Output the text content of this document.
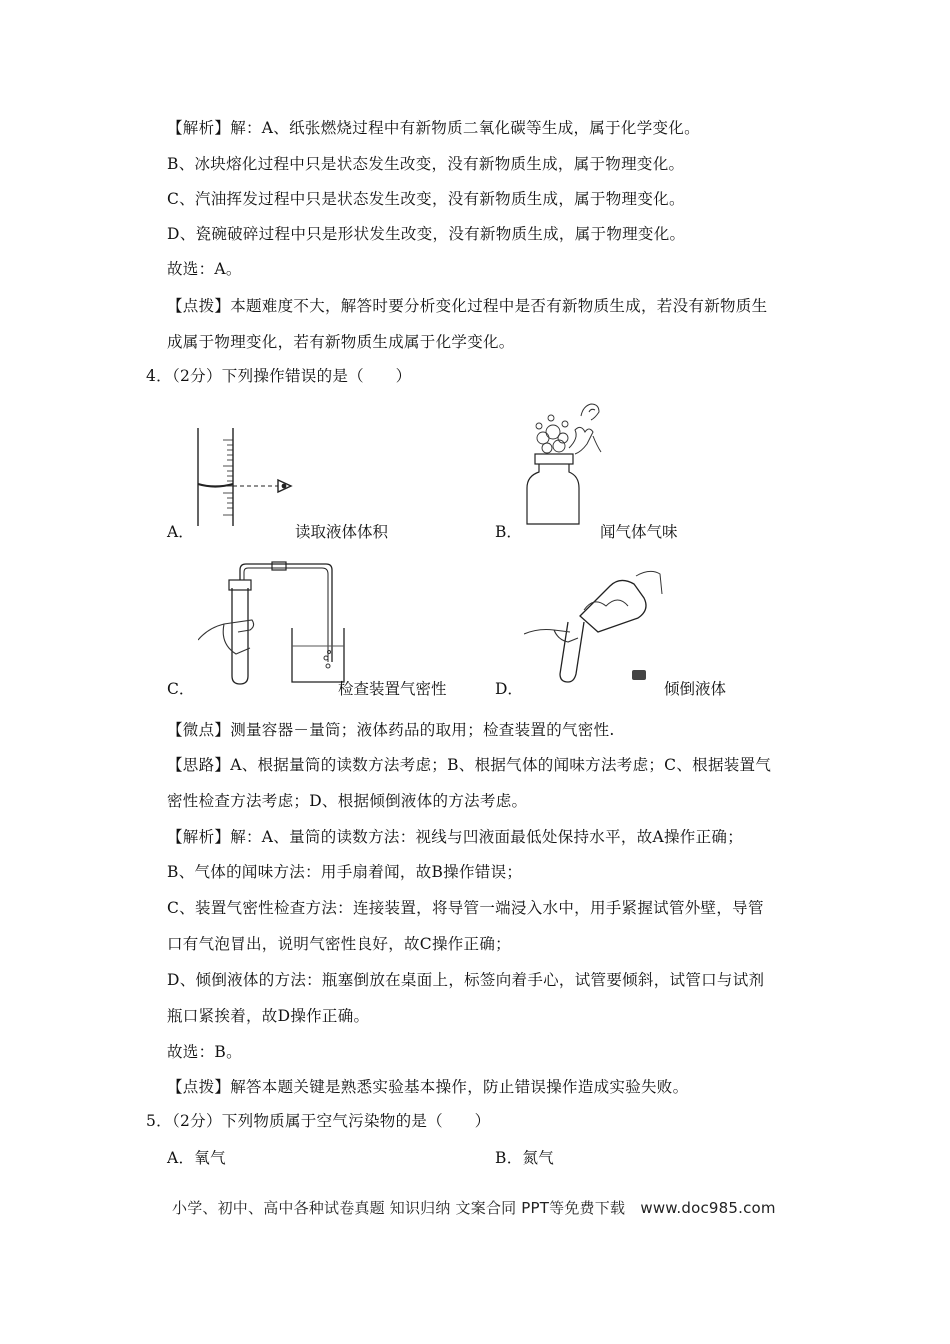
【解析】解：A、纸张燃烧过程中有新物质二氧化碳等生成，属于化学变化。
B、冰块熔化过程中只是状态发生改变，没有新物质生成，属于物理变化。
C、汽油挥发过程中只是状态发生改变，没有新物质生成，属于物理变化。
D、瓷碗破碎过程中只是形状发生改变，没有新物质生成，属于物理变化。
故选：A。
【点拨】本题难度不大，解答时要分析变化过程中是否有新物质生成，若没有新物质生
成属于物理变化，若有新物质生成属于化学变化。
4．（2分）下列操作错误的是（　　）
A．	读取液体体积	B．	闻气体气味
C．	检查装置气密性	D．	倾倒液体
【微点】测量容器－量筒；液体药品的取用；检查装置的气密性.
【思路】A、根据量筒的读数方法考虑；B、根据气体的闻味方法考虑；C、根据装置气
密性检查方法考虑；D、根据倾倒液体的方法考虑。
【解析】解：A、量筒的读数方法：视线与凹液面最低处保持水平，故A操作正确；
B、气体的闻味方法：用手扇着闻，故B操作错误；
C、装置气密性检查方法：连接装置，将导管一端浸入水中，用手紧握试管外壁，导管
口有气泡冒出，说明气密性良好，故C操作正确；
D、倾倒液体的方法：瓶塞倒放在桌面上，标签向着手心，试管要倾斜，试管口与试剂
瓶口紧挨着，故D操作正确。
故选：B。
【点拨】解答本题关键是熟悉实验基本操作，防止错误操作造成实验失败。
5．（2分）下列物质属于空气污染物的是（　　）
A．氧气	B．氮气
小学、初中、高中各种试卷真题 知识归纳 文案合同 PPT等免费下载　www.doc985.com
